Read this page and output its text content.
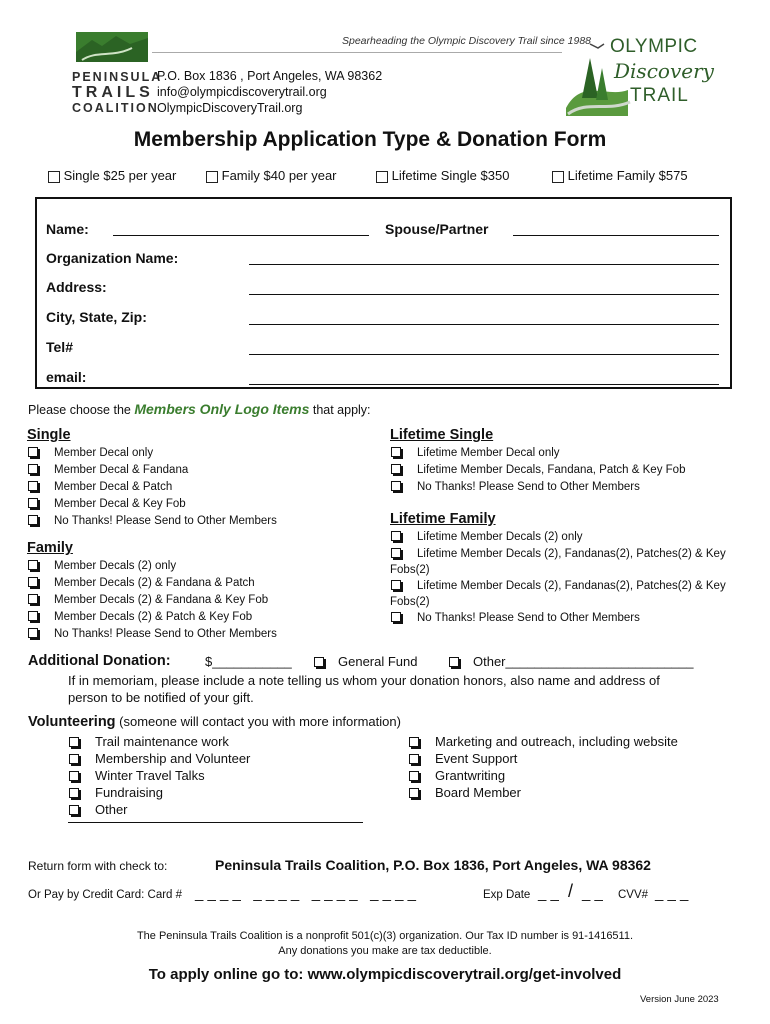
PENINSULA
TRAILS
COALITION
Spearheading the Olympic Discovery Trail since 1988
P.O. Box 1836 , Port Angeles, WA 98362
info@olympicdiscoverytrail.org
OlympicDiscoveryTrail.org
OLYMPIC
Discovery
TRAIL
Membership Application Type & Donation Form
Single $25 per year	Family $40 per year	Lifetime Single $350	Lifetime Family $575
Name:	Spouse/Partner
Organization Name:
Address:
City, State, Zip:
Tel#
email:
Please choose the Members Only Logo Items that apply:
Single
Member Decal only
Member Decal & Fandana
Member Decal & Patch
Member Decal & Key Fob
No Thanks! Please Send to Other Members
Family
Member Decals (2) only
Member Decals (2) & Fandana & Patch
Member Decals (2) & Fandana & Key Fob
Member Decals (2) & Patch & Key Fob
No Thanks! Please Send to Other Members
Lifetime Single
Lifetime Member Decal only
Lifetime Member Decals, Fandana, Patch & Key Fob
No Thanks! Please Send to Other Members
Lifetime Family
Lifetime Member Decals (2) only
Lifetime Member Decals (2), Fandanas(2), Patches(2) & Key
Fobs(2)
Lifetime Member Decals (2), Fandanas(2), Patches(2) & Key
Fobs(2)
No Thanks! Please Send to Other Members
Additional Donation:	$___________	General Fund	Other__________________________
If in memoriam, please include a note telling us whom your donation honors, also name and address of
person to be notified of your gift.
Volunteering (someone will contact you with more information)
Trail maintenance work
Membership and Volunteer
Winter Travel Talks
Fundraising
Other
Marketing and outreach, including website
Event Support
Grantwriting
Board Member
Return form with check to:	Peninsula Trails Coalition, P.O. Box 1836, Port Angeles, WA 98362
Or Pay by Credit Card: Card # _ _ _ _   _ _ _ _   _ _ _ _   _ _ _ _	Exp Date _ _ / _ _ CVV# _ _ _
The Peninsula Trails Coalition is a nonprofit 501(c)(3) organization. Our Tax ID number is 91-1416511.
Any donations you make are tax deductible.
To apply online go to: www.olympicdiscoverytrail.org/get-involved
Version June 2023
